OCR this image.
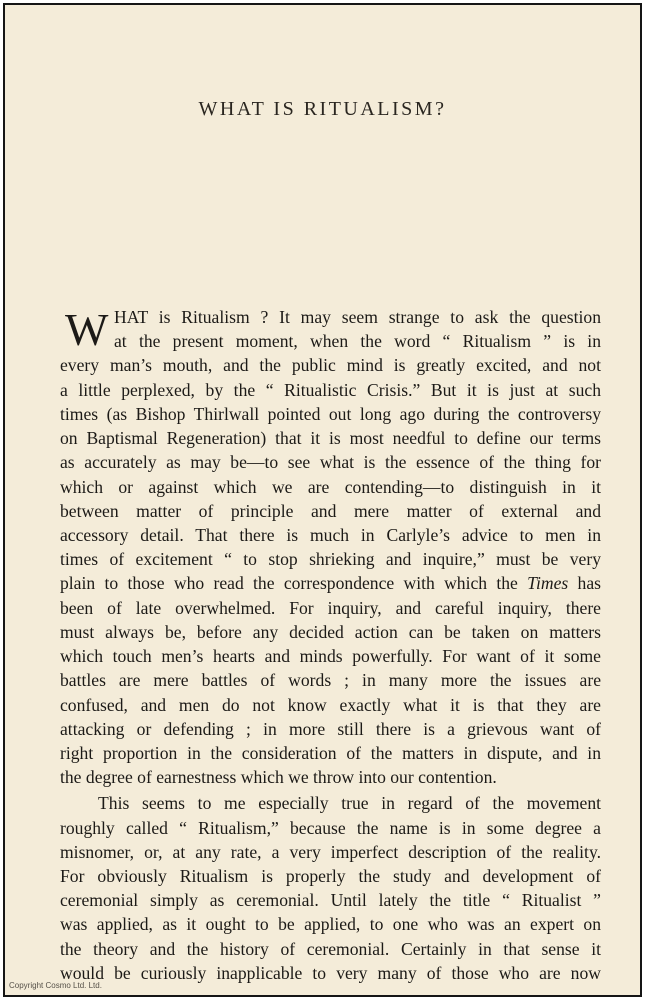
WHAT IS RITUALISM?
W HAT is Ritualism ? It may seem strange to ask the question
at the present moment, when the word “ Ritualism ” is in
every man’s mouth, and the public mind is greatly excited, and not
a little perplexed, by the “ Ritualistic Crisis.” But it is just at such
times (as Bishop Thirlwall pointed out long ago during the controversy
on Baptismal Regeneration) that it is most needful to define our terms
as accurately as may be—to see what is the essence of the thing for
which or against which we are contending—to distinguish in it
between matter of principle and mere matter of external and
accessory detail. That there is much in Carlyle’s advice to men in
times of excitement “ to stop shrieking and inquire,” must be very
plain to those who read the correspondence with which the Times has
been of late overwhelmed. For inquiry, and careful inquiry, there
must always be, before any decided action can be taken on matters
which touch men’s hearts and minds powerfully. For want of it some
battles are mere battles of words ; in many more the issues are
confused, and men do not know exactly what it is that they are
attacking or defending ; in more still there is a grievous want of
right proportion in the consideration of the matters in dispute, and in
the degree of earnestness which we throw into our contention.
This seems to me especially true in regard of the movement
roughly called “ Ritualism,” because the name is in some degree a
misnomer, or, at any rate, a very imperfect description of the reality.
For obviously Ritualism is properly the study and development of
ceremonial simply as ceremonial. Until lately the title “ Ritualist ”
was applied, as it ought to be applied, to one who was an expert on
the theory and the history of ceremonial. Certainly in that sense it
would be curiously inapplicable to very many of those who are now
Copyright Cosmo Ltd. Ltd.
